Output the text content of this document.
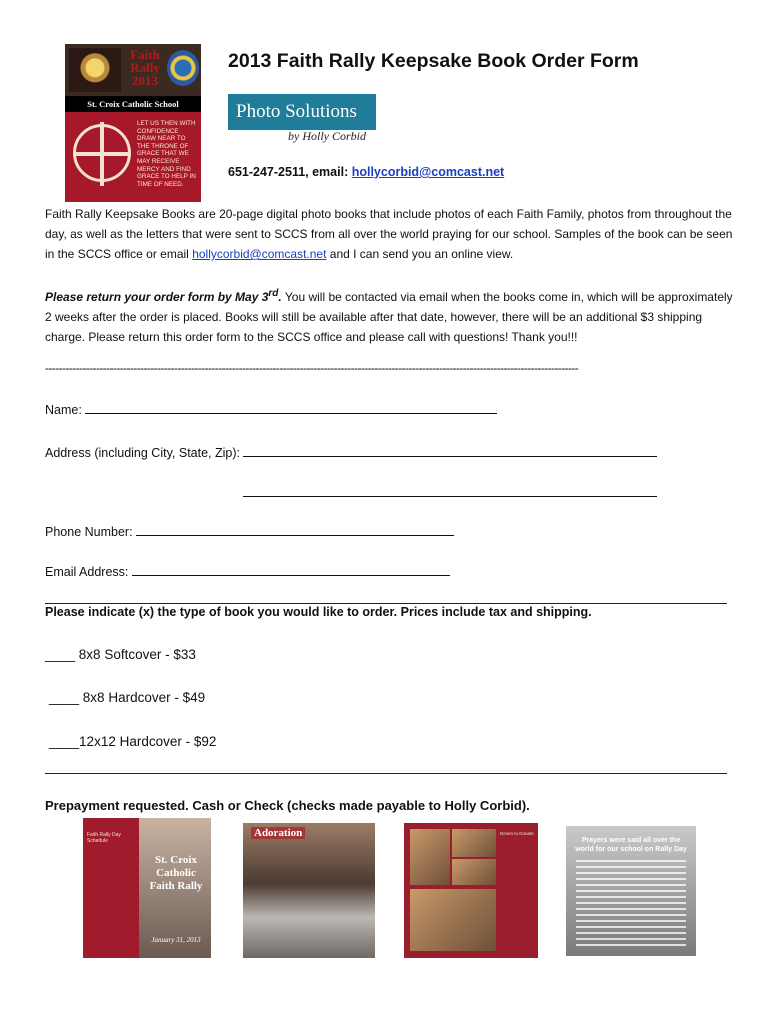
Faith Rally 2013
St. Croix Catholic School
LET US THEN WITH CONFIDENCE DRAW NEAR TO THE THRONE OF GRACE THAT WE MAY RECEIVE MERCY AND FIND GRACE TO HELP IN TIME OF NEED.
2013 Faith Rally Keepsake Book Order Form
Photo Solutions
by Holly Corbid
651-247-2511, email: hollycorbid@comcast.net
Faith Rally Keepsake Books are 20-page digital photo books that include photos of each Faith Family, photos from throughout the day, as well as the letters that were sent to SCCS from all over the world praying for our school. Samples of the book can be seen in the SCCS office or email hollycorbid@comcast.net and I can send you an online view.
Please return your order form by May 3rd. You will be contacted via email when the books come in, which will be approximately 2 weeks after the order is placed. Books will still be available after that date, however, there will be an additional $3 shipping charge. Please return this order form to the SCCS office and please call with questions! Thank you!!!
-------------------------------------------------------------------------------------------------------------------------------------------------------------
Name:
Address (including City, State, Zip):
Phone Number:
Email Address:
Please indicate (x) the type of book you would like to order. Prices include tax and shipping.
____ 8x8 Softcover - $33
____ 8x8 Hardcover - $49
____12x12 Hardcover - $92
Prepayment requested. Cash or Check (checks made payable to Holly Corbid).
Faith Rally Day Schedule
St. Croix Catholic Faith Rally
January 31, 2013
Adoration	Denim to Donate
Prayers were said all over the world for our school on Rally Day
